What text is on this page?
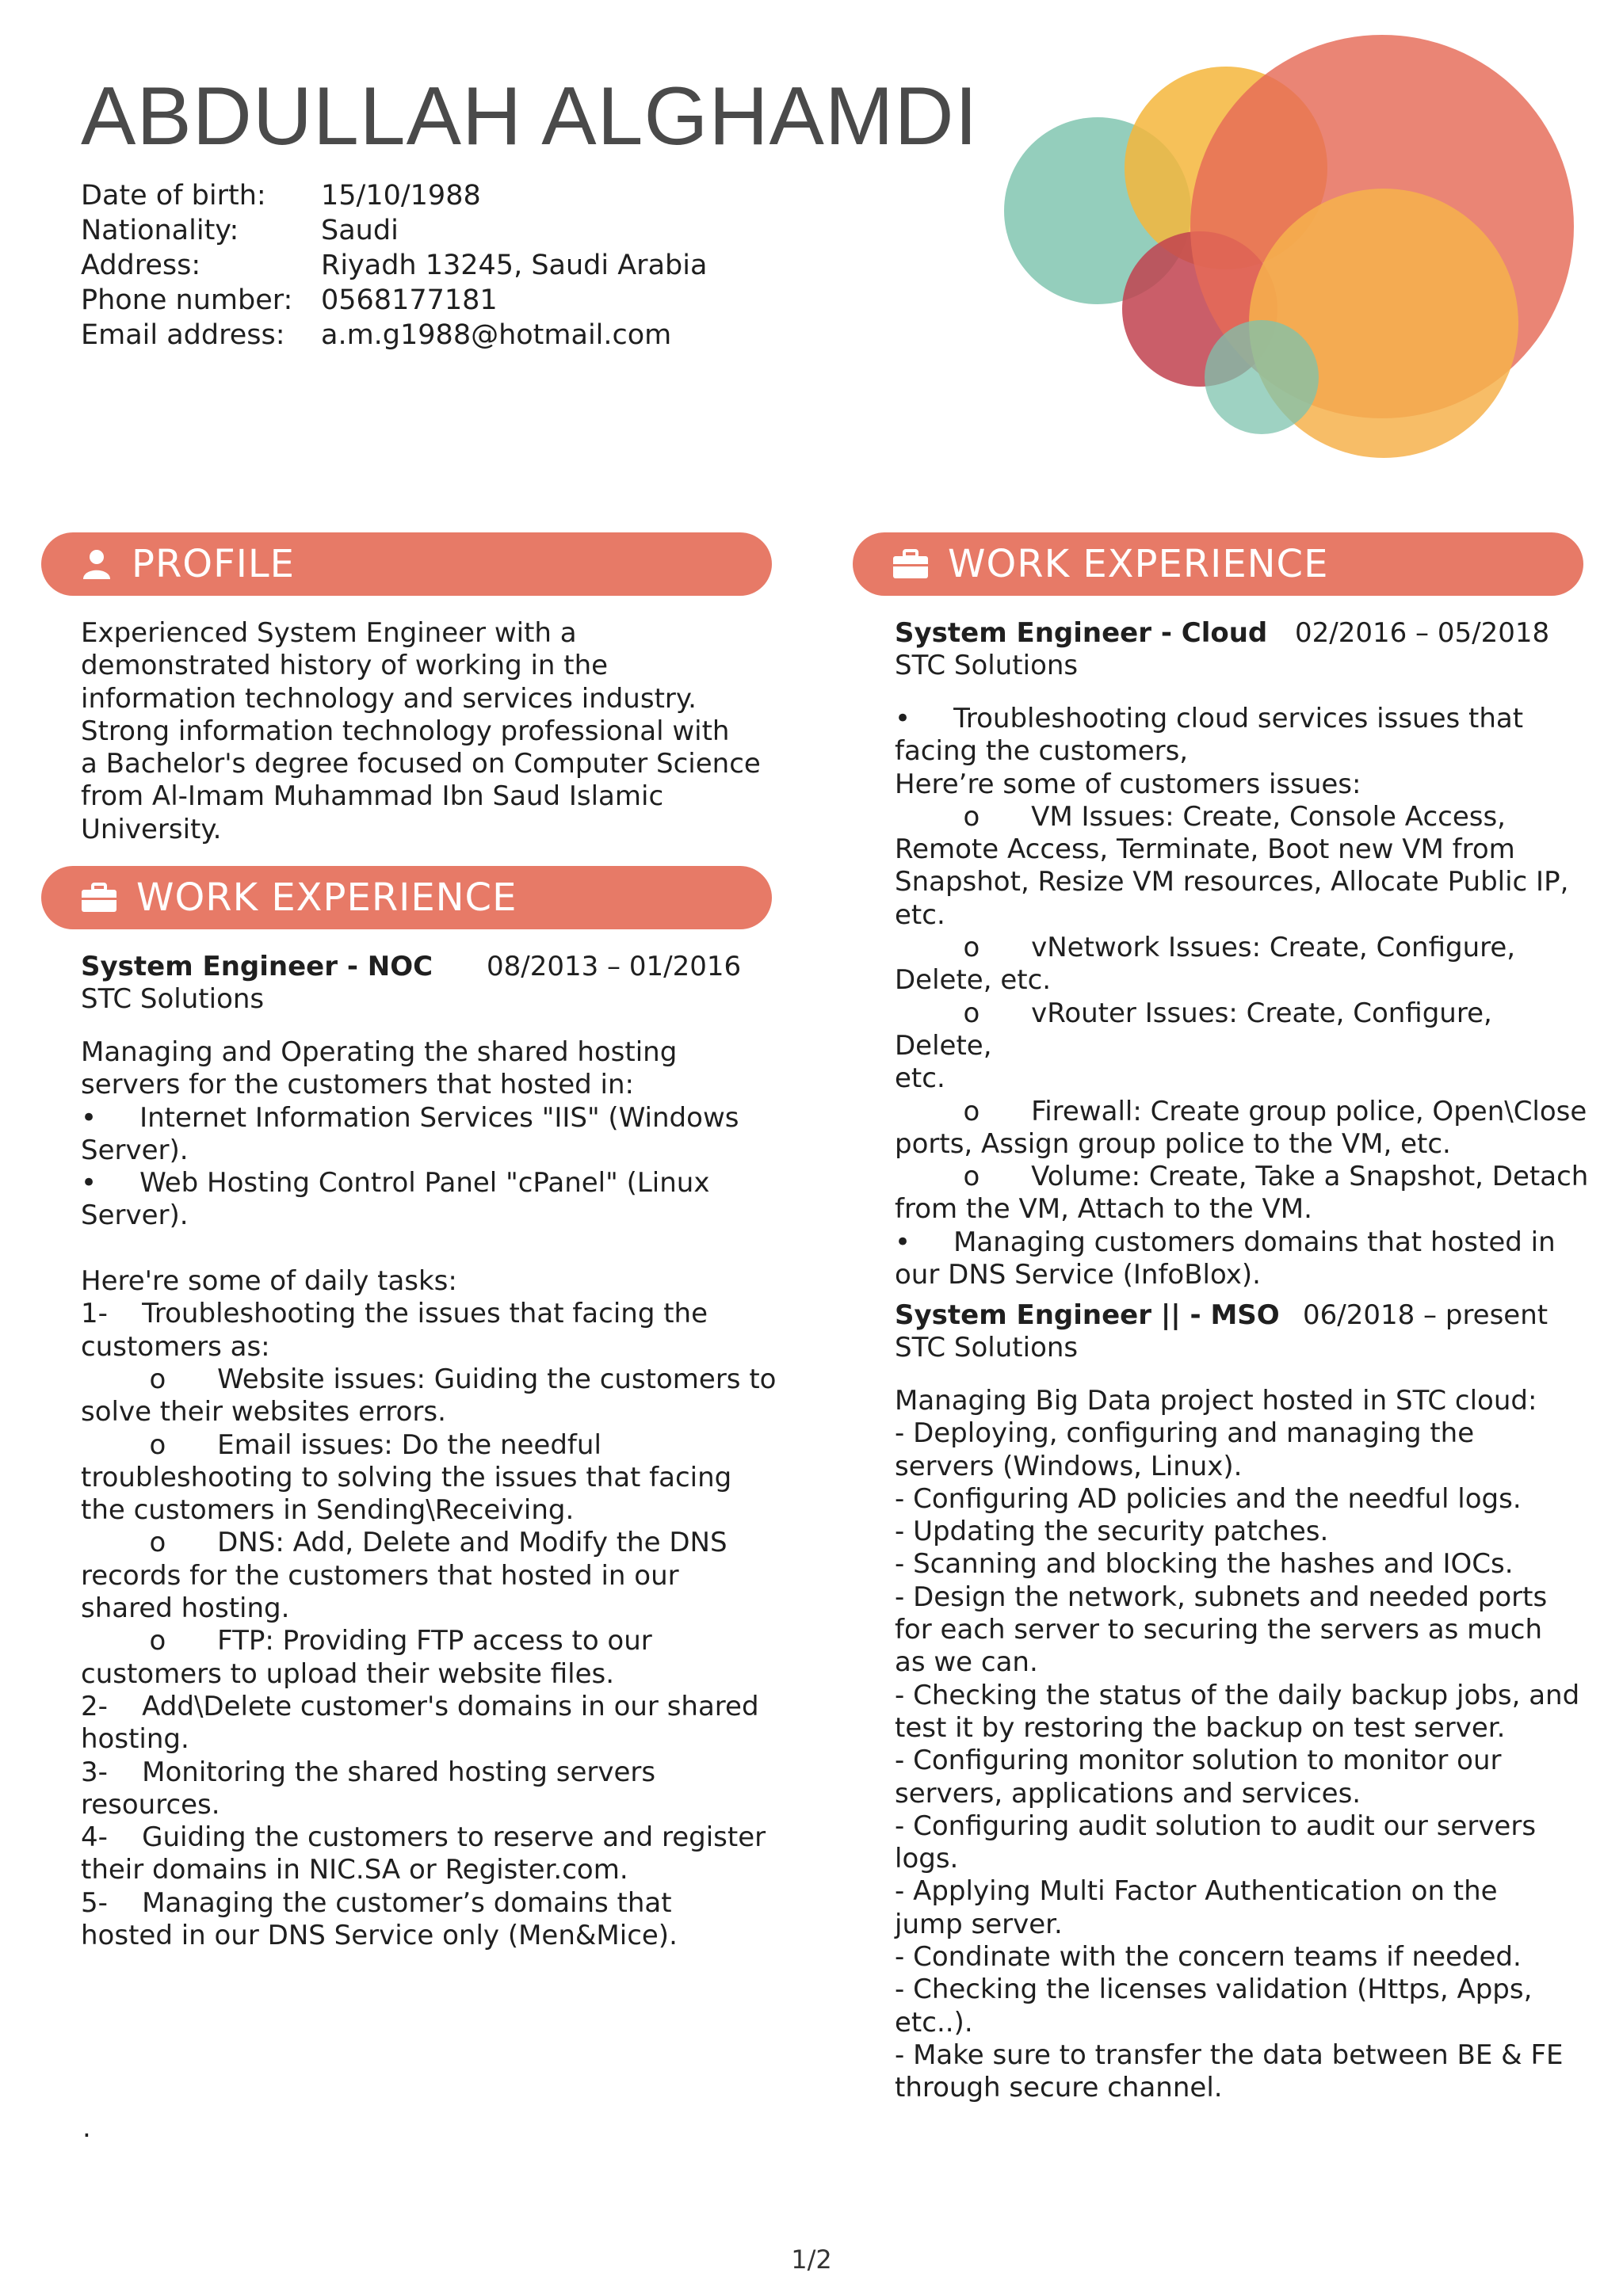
ABDULLAH ALGHAMDI
Date of birth:	15/10/1988
Nationality:	Saudi
Address:	Riyadh 13245, Saudi Arabia
Phone number:	0568177181
Email address:	a.m.g1988@hotmail.com
PROFILE
Experienced System Engineer with a
demonstrated history of working in the
information technology and services industry.
Strong information technology professional with
a Bachelor's degree focused on Computer Science
from Al-Imam Muhammad Ibn Saud Islamic
University.
WORK EXPERIENCE
System Engineer - NOC 08/2013 – 01/2016
STC Solutions
Managing and Operating the shared hosting
servers for the customers that hosted in:
•     Internet Information Services "IIS" (Windows
Server).
•     Web Hosting Control Panel "cPanel" (Linux
Server).

Here're some of daily tasks:
1-    Troubleshooting the issues that facing the
customers as:
o      Website issues: Guiding the customers to
solve their websites errors.
o      Email issues: Do the needful
troubleshooting to solving the issues that facing
the customers in Sending\Receiving.
o      DNS: Add, Delete and Modify the DNS
records for the customers that hosted in our
shared hosting.
o      FTP: Providing FTP access to our
customers to upload their website files.
2-    Add\Delete customer's domains in our shared
hosting.
3-    Monitoring the shared hosting servers
resources.
4-    Guiding the customers to reserve and register
their domains in NIC.SA or Register.com.
5-    Managing the customer’s domains that
hosted in our DNS Service only (Men&Mice).
.
WORK EXPERIENCE
System Engineer - Cloud 02/2016 – 05/2018
STC Solutions
•     Troubleshooting cloud services issues that
facing the customers,
Here’re some of customers issues:
o      VM Issues: Create, Console Access,
Remote Access, Terminate, Boot new VM from
Snapshot, Resize VM resources, Allocate Public IP,
etc.
o      vNetwork Issues: Create, Configure,
Delete, etc.
o      vRouter Issues: Create, Configure, Delete,
etc.
o      Firewall: Create group police, Open\Close
ports, Assign group police to the VM, etc.
o      Volume: Create, Take a Snapshot, Detach
from the VM, Attach to the VM.
•     Managing customers domains that hosted in
our DNS Service (InfoBlox).
System Engineer || - MSO 06/2018 – present
STC Solutions
Managing Big Data project hosted in STC cloud:
- Deploying, configuring and managing the
servers (Windows, Linux).
- Configuring AD policies and the needful logs.
- Updating the security patches.
- Scanning and blocking the hashes and IOCs.
- Design the network, subnets and needed ports
for each server to securing the servers as much
as we can.
- Checking the status of the daily backup jobs, and
test it by restoring the backup on test server.
- Configuring monitor solution to monitor our
servers, applications and services.
- Configuring audit solution to audit our servers
logs.
- Applying Multi Factor Authentication on the
jump server.
- Condinate with the concern teams if needed.
- Checking the licenses validation (Https, Apps,
etc..).
- Make sure to transfer the data between BE & FE
through secure channel.
1/2
